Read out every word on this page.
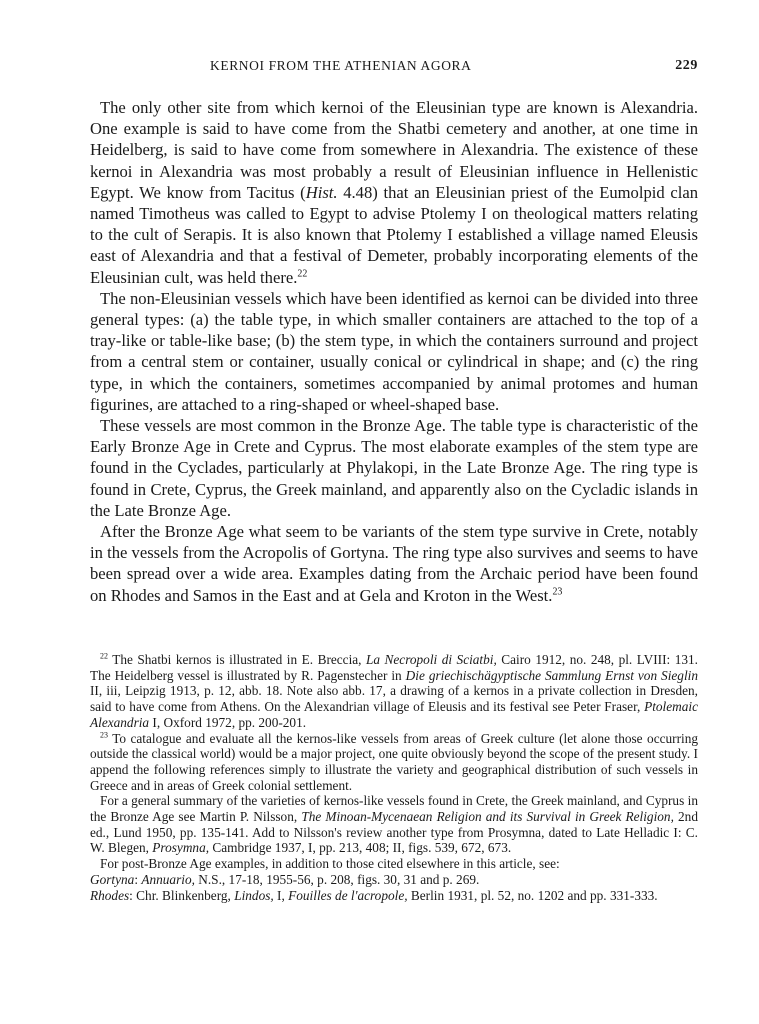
KERNOI FROM THE ATHENIAN AGORA	229

The only other site from which kernoi of the Eleusinian type are known is Alexandria. One example is said to have come from the Shatbi cemetery and another, at one time in Heidelberg, is said to have come from somewhere in Alexandria. The existence of these kernoi in Alexandria was most probably a result of Eleusinian influence in Hellenistic Egypt. We know from Tacitus (Hist. 4.48) that an Eleusinian priest of the Eumolpid clan named Timotheus was called to Egypt to advise Ptolemy I on theological matters relating to the cult of Serapis. It is also known that Ptolemy I established a village named Eleusis east of Alexandria and that a festival of Demeter, probably incorporating elements of the Eleusinian cult, was held there.$^{22}$

The non-Eleusinian vessels which have been identified as kernoi can be divided into three general types: (a) the table type, in which smaller containers are attached to the top of a tray-like or table-like base; (b) the stem type, in which the containers surround and project from a central stem or container, usually conical or cylindrical in shape; and (c) the ring type, in which the containers, sometimes accompanied by animal protomes and human figurines, are attached to a ring-shaped or wheel-shaped base.

These vessels are most common in the Bronze Age. The table type is characteristic of the Early Bronze Age in Crete and Cyprus. The most elaborate examples of the stem type are found in the Cyclades, particularly at Phylakopi, in the Late Bronze Age. The ring type is found in Crete, Cyprus, the Greek mainland, and apparently also on the Cycladic islands in the Late Bronze Age.

After the Bronze Age what seem to be variants of the stem type survive in Crete, notably in the vessels from the Acropolis of Gortyna. The ring type also survives and seems to have been spread over a wide area. Examples dating from the Archaic period have been found on Rhodes and Samos in the East and at Gela and Kroton in the West.$^{23}$

$^{22}$ The Shatbi kernos is illustrated in E. Breccia, La Necropoli di Sciatbi, Cairo 1912, no. 248, pl. LVIII: 131. The Heidelberg vessel is illustrated by R. Pagenstecher in Die griechischägyptische Sammlung Ernst von Sieglin II, iii, Leipzig 1913, p. 12, abb. 18. Note also abb. 17, a drawing of a kernos in a private collection in Dresden, said to have come from Athens. On the Alexandrian village of Eleusis and its festival see Peter Fraser, Ptolemaic Alexandria I, Oxford 1972, pp. 200-201.

$^{23}$ To catalogue and evaluate all the kernos-like vessels from areas of Greek culture (let alone those occurring outside the classical world) would be a major project, one quite obviously beyond the scope of the present study. I append the following references simply to illustrate the variety and geographical distribution of such vessels in Greece and in areas of Greek colonial settlement.

For a general summary of the varieties of kernos-like vessels found in Crete, the Greek mainland, and Cyprus in the Bronze Age see Martin P. Nilsson, The Minoan-Mycenaean Religion and its Survival in Greek Religion, 2nd ed., Lund 1950, pp. 135-141. Add to Nilsson's review another type from Prosymna, dated to Late Helladic I: C. W. Blegen, Prosymna, Cambridge 1937, I, pp. 213, 408; II, figs. 539, 672, 673.

For post-Bronze Age examples, in addition to those cited elsewhere in this article, see:

Gortyna: Annuario, N.S., 17-18, 1955-56, p. 208, figs. 30, 31 and p. 269.

Rhodes: Chr. Blinkenberg, Lindos, I, Fouilles de l'acropole, Berlin 1931, pl. 52, no. 1202 and pp. 331-333.
